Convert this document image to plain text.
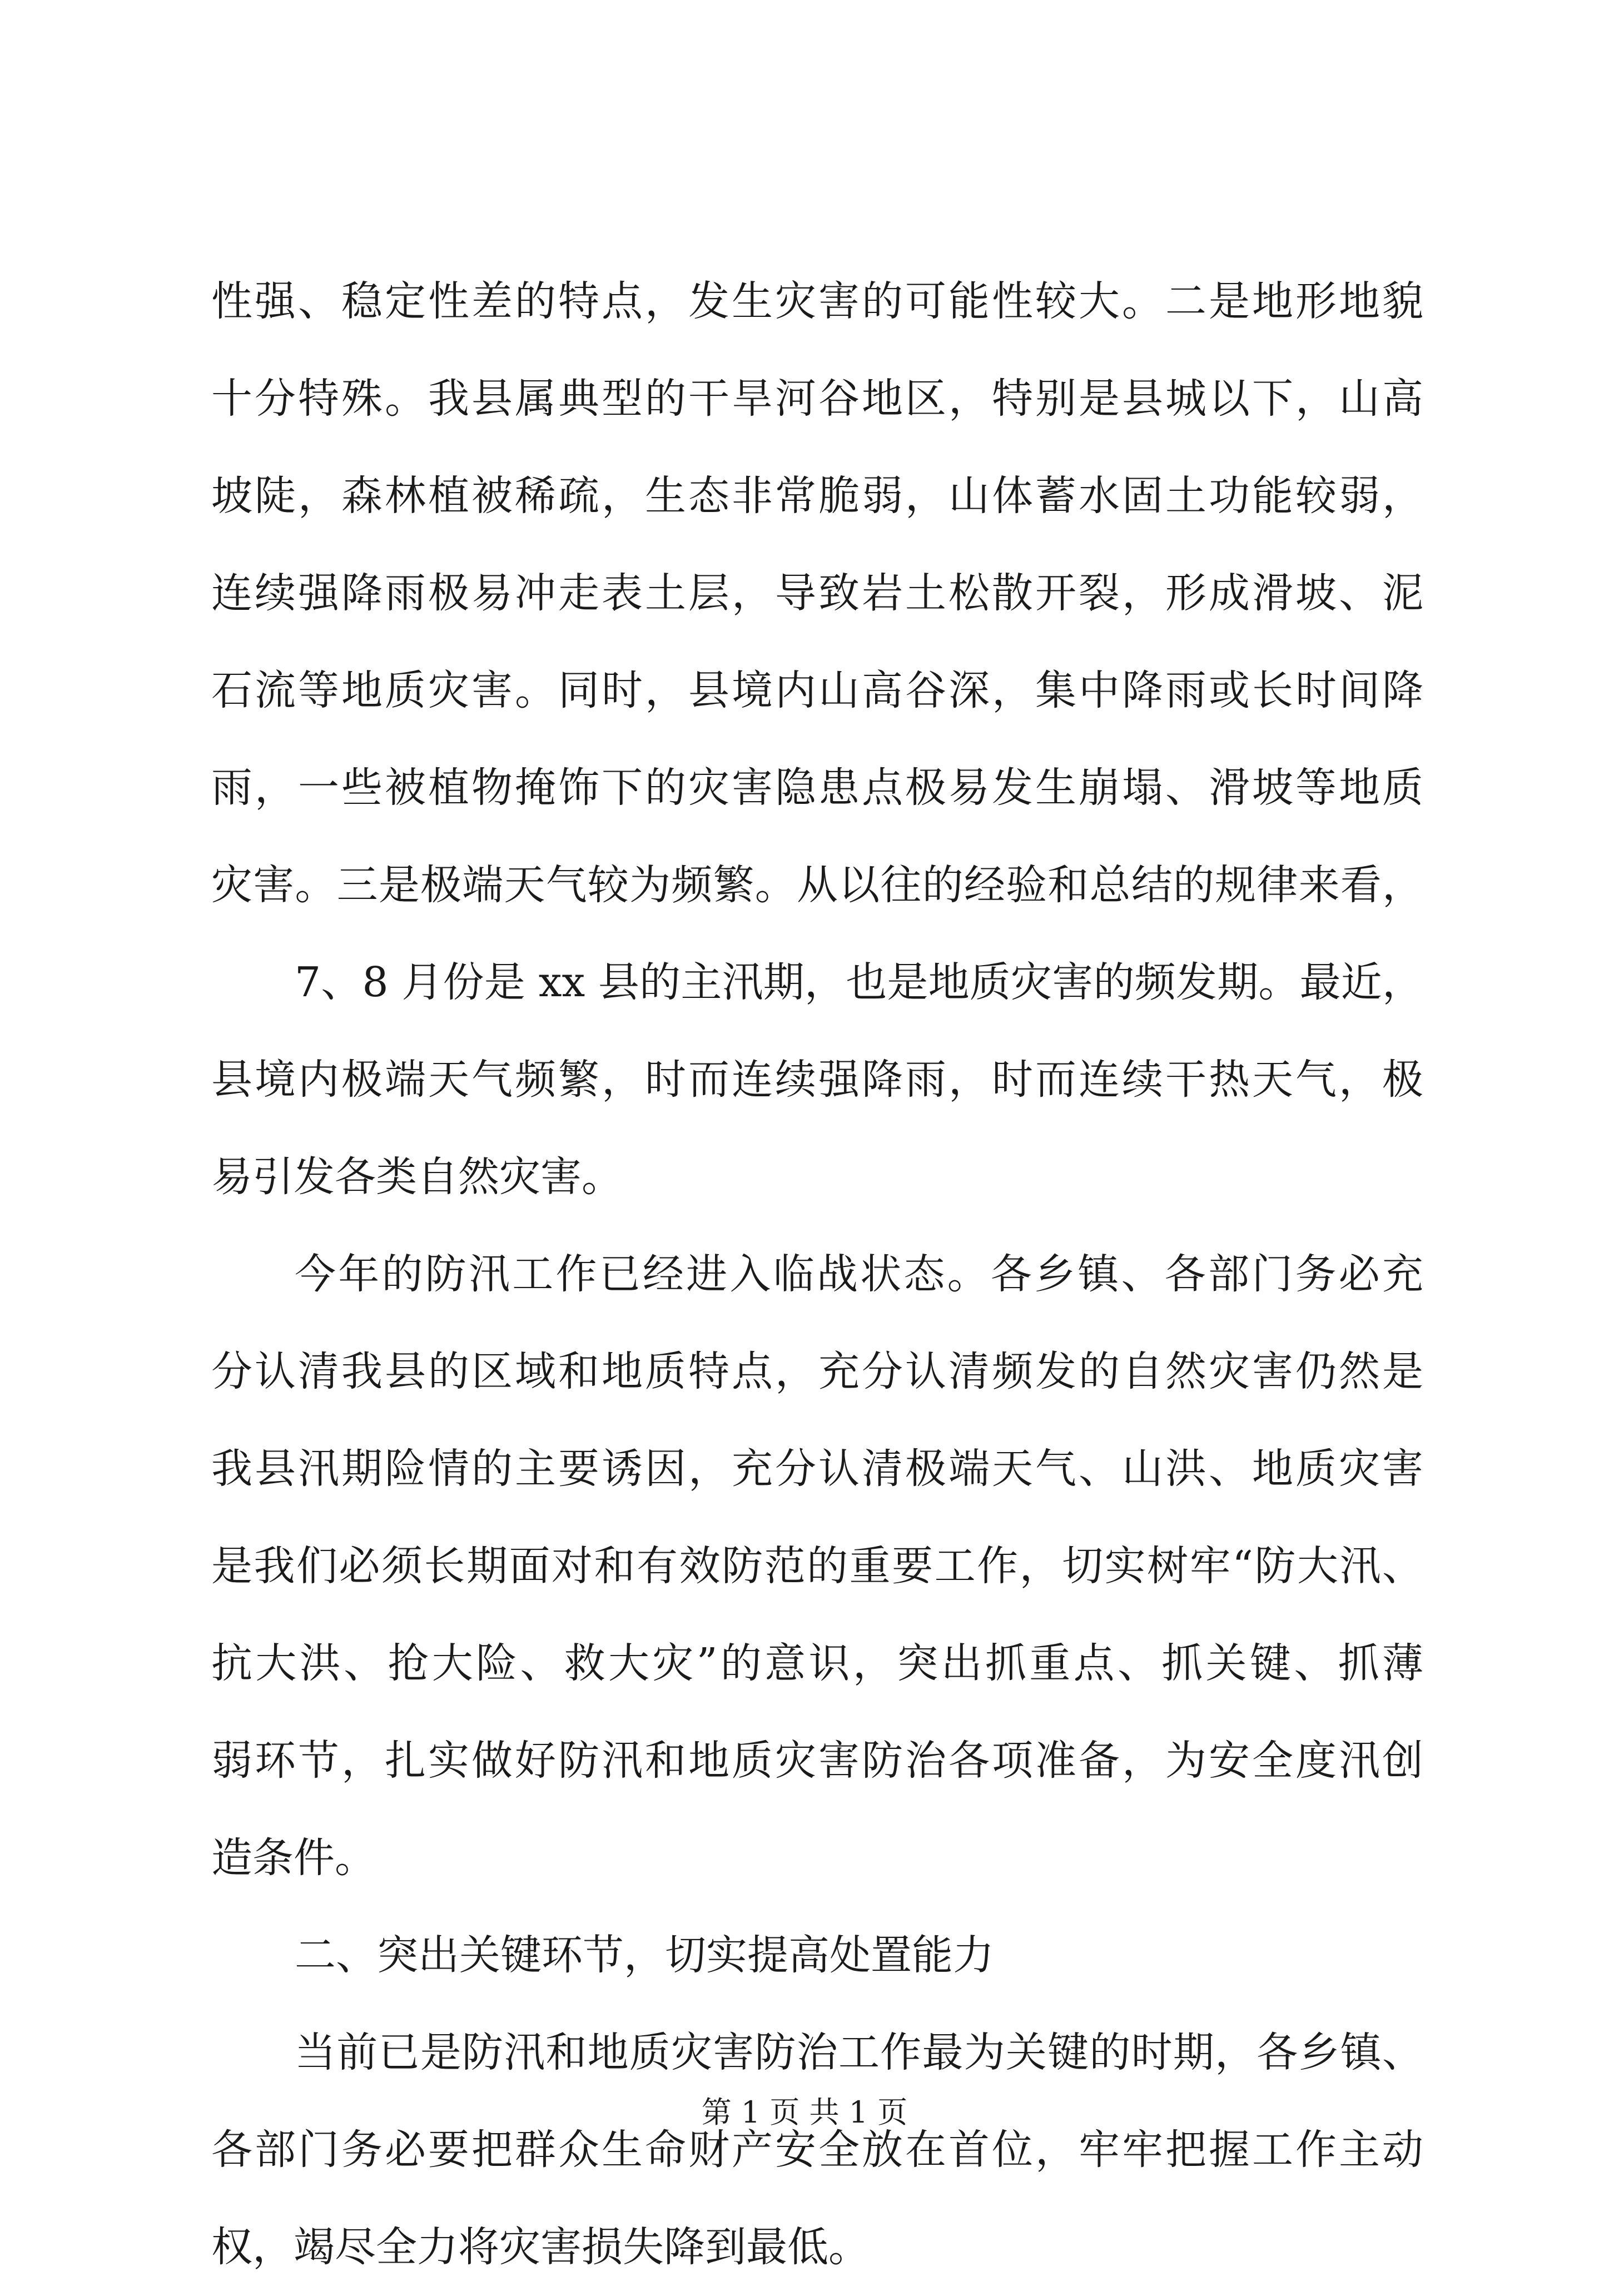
性强、稳定性差的特点，发生灾害的可能性较大。二是地形地貌
十分特殊。我县属典型的干旱河谷地区，特别是县城以下，山高
坡陡，森林植被稀疏，生态非常脆弱，山体蓄水固土功能较弱，
连续强降雨极易冲走表土层，导致岩土松散开裂，形成滑坡、泥
石流等地质灾害。同时，县境内山高谷深，集中降雨或长时间降
雨，一些被植物掩饰下的灾害隐患点极易发生崩塌、滑坡等地质
灾害。三是极端天气较为频繁。从以往的经验和总结的规律来看，
7、8 月份是 xx 县的主汛期，也是地质灾害的频发期。最近，
县境内极端天气频繁，时而连续强降雨，时而连续干热天气，极
易引发各类自然灾害。
今年的防汛工作已经进入临战状态。各乡镇、各部门务必充
分认清我县的区域和地质特点，充分认清频发的自然灾害仍然是
我县汛期险情的主要诱因，充分认清极端天气、山洪、地质灾害
是我们必须长期面对和有效防范的重要工作，切实树牢“防大汛、
抗大洪、抢大险、救大灾”的意识，突出抓重点、抓关键、抓薄
弱环节，扎实做好防汛和地质灾害防治各项准备，为安全度汛创
造条件。
二、突出关键环节，切实提高处置能力
当前已是防汛和地质灾害防治工作最为关键的时期，各乡镇、
各部门务必要把群众生命财产安全放在首位，牢牢把握工作主动
权，竭尽全力将灾害损失降到最低。
第 1 页 共 1 页
